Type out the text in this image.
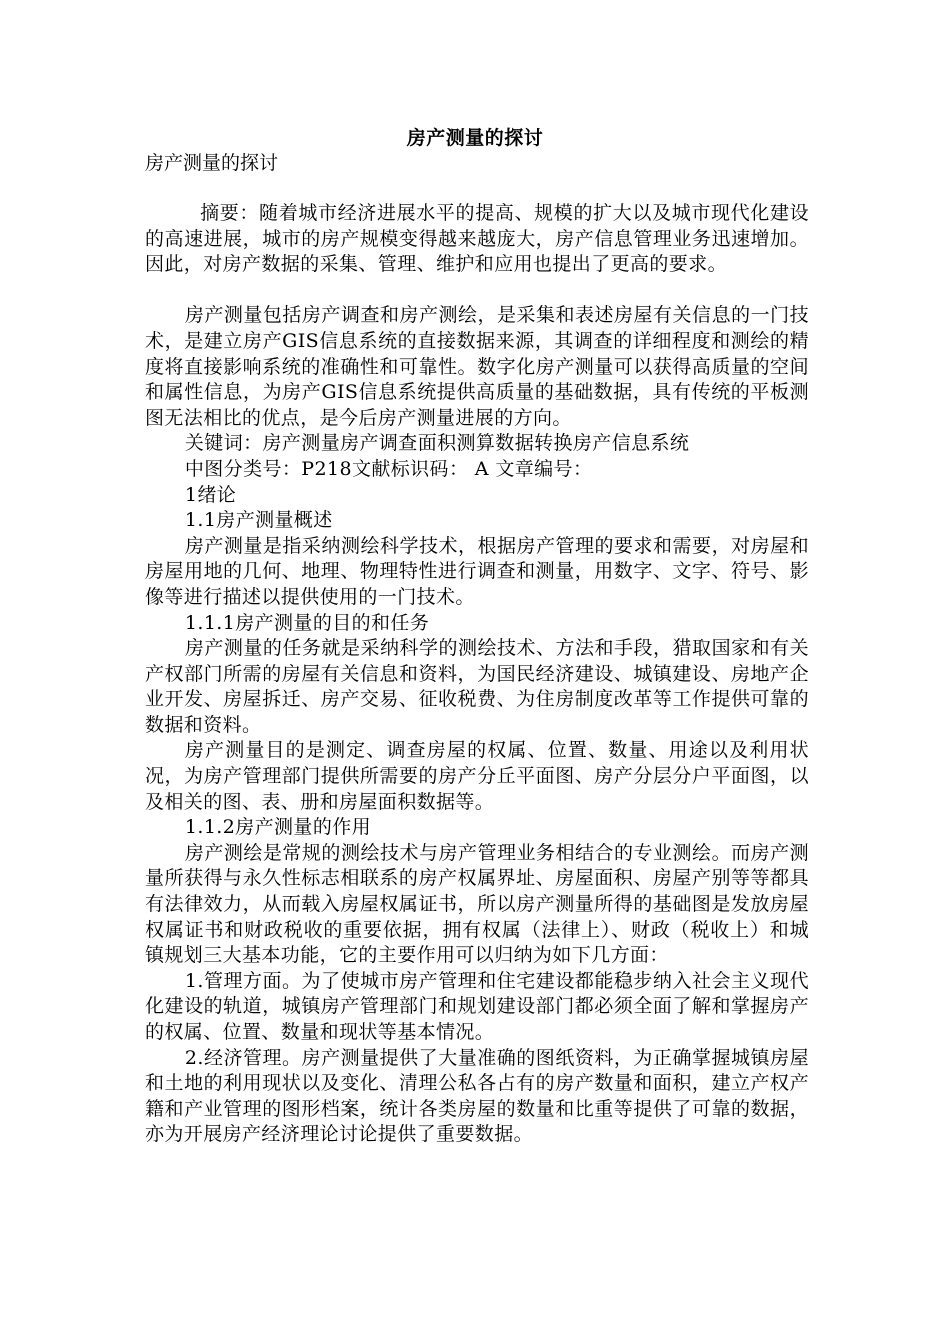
房产测量的探讨
房产测量的探讨

摘要：随着城市经济进展水平的提高、规模的扩大以及城市现代化建设的高速进展，城市的房产规模变得越来越庞大，房产信息管理业务迅速增加。因此，对房产数据的采集、管理、维护和应用也提出了更高的要求。

房产测量包括房产调查和房产测绘，是采集和表述房屋有关信息的一门技术，是建立房产GIS信息系统的直接数据来源，其调查的详细程度和测绘的精度将直接影响系统的准确性和可靠性。数字化房产测量可以获得高质量的空间和属性信息，为房产GIS信息系统提供高质量的基础数据，具有传统的平板测图无法相比的优点，是今后房产测量进展的方向。

关键词：房产测量房产调查面积测算数据转换房产信息系统

中图分类号：P218文献标识码： A 文章编号：

1绪论

1.1房产测量概述

房产测量是指采纳测绘科学技术，根据房产管理的要求和需要，对房屋和房屋用地的几何、地理、物理特性进行调查和测量，用数字、文字、符号、影像等进行描述以提供使用的一门技术。

1.1.1房产测量的目的和任务

房产测量的任务就是采纳科学的测绘技术、方法和手段，猎取国家和有关产权部门所需的房屋有关信息和资料，为国民经济建设、城镇建设、房地产企业开发、房屋拆迁、房产交易、征收税费、为住房制度改革等工作提供可靠的数据和资料。

房产测量目的是测定、调查房屋的权属、位置、数量、用途以及利用状况，为房产管理部门提供所需要的房产分丘平面图、房产分层分户平面图，以及相关的图、表、册和房屋面积数据等。

1.1.2房产测量的作用

房产测绘是常规的测绘技术与房产管理业务相结合的专业测绘。而房产测量所获得与永久性标志相联系的房产权属界址、房屋面积、房屋产别等等都具有法律效力，从而载入房屋权属证书，所以房产测量所得的基础图是发放房屋权属证书和财政税收的重要依据，拥有权属（法律上）、财政（税收上）和城镇规划三大基本功能，它的主要作用可以归纳为如下几方面：

1.管理方面。为了使城市房产管理和住宅建设都能稳步纳入社会主义现代化建设的轨道，城镇房产管理部门和规划建设部门都必须全面了解和掌握房产的权属、位置、数量和现状等基本情况。

2.经济管理。房产测量提供了大量准确的图纸资料，为正确掌握城镇房屋和土地的利用现状以及变化、清理公私各占有的房产数量和面积，建立产权产籍和产业管理的图形档案，统计各类房屋的数量和比重等提供了可靠的数据，亦为开展房产经济理论讨论提供了重要数据。
